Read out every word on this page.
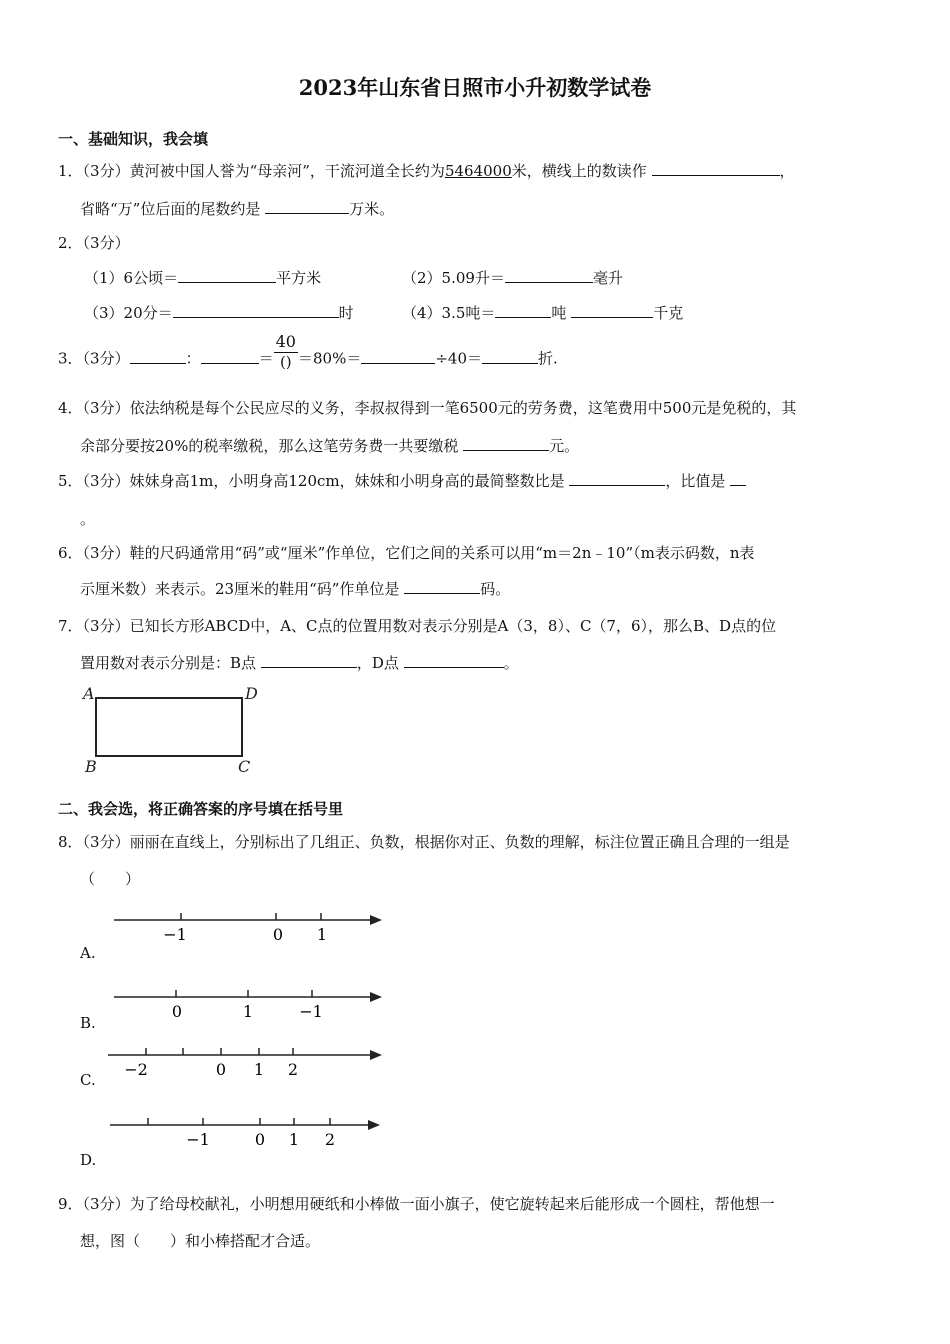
2023年山东省日照市小升初数学试卷
一、基础知识，我会填
1．（3分）黄河被中国人誉为“母亲河”，干流河道全长约为5464000米，横线上的数读作	，
省略“万”位后面的尾数约是	万米。
2．（3分）
（1）6公顷＝	平方米	（2）5.09升＝	毫升
（3）20分＝	时	（4）3.5吨＝	吨	千克
3．（3分）	：	＝ $\frac{40}{()} =80\%=$	÷40＝	折.
4．（3分）依法纳税是每个公民应尽的义务，李叔叔得到一笔6500元的劳务费，这笔费用中500元是免税的，其
余部分要按20%的税率缴税，那么这笔劳务费一共要缴税	元。
5．（3分）妹妹身高1m，小明身高120cm，妹妹和小明身高的最简整数比是	，比值是
。
6．（3分）鞋的尺码通常用“码”或“厘米”作单位，它们之间的关系可以用“m＝2n﹣10”（m表示码数，n表
示厘米数）来表示。23厘米的鞋用“码”作单位是	码。
7．（3分）已知长方形ABCD中，A、C点的位置用数对表示分别是A（3，8）、C（7，6），那么B、D点的位
置用数对表示分别是：B点	，D点	。
A	D
B	C
二、我会选，将正确答案的序号填在括号里
8．（3分）丽丽在直线上，分别标出了几组正、负数，根据你对正、负数的理解，标注位置正确且合理的一组是
（　　）
−1	0 1
A.
0	1	−1
B.
−2	0 1 2
C.
−1	0 1 2
D.
9．（3分）为了给母校献礼，小明想用硬纸和小棒做一面小旗子，使它旋转起来后能形成一个圆柱，帮他想一
想，图（　　）和小棒搭配才合适。
